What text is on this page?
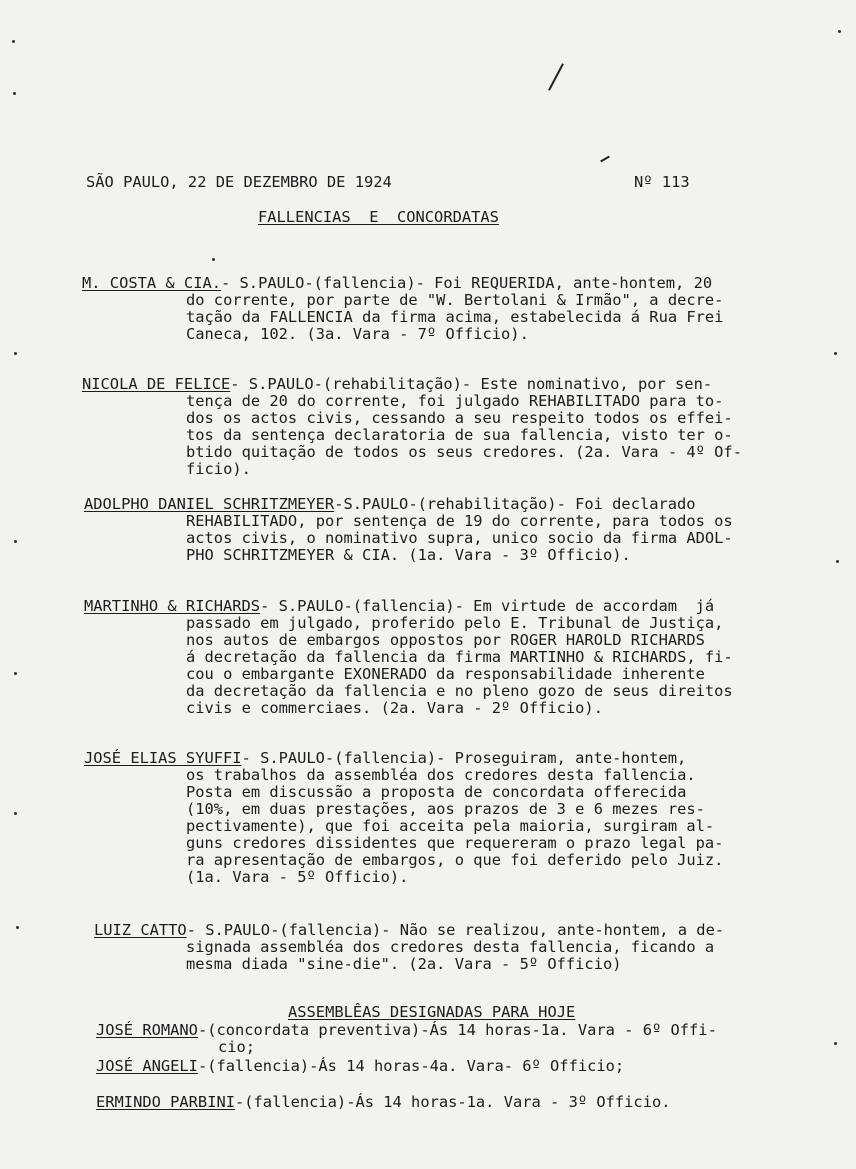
SÃO PAULO, 22 DE DEZEMBRO DE 1924	Nº 113
FALLENCIAS  E  CONCORDATAS
M. COSTA & CIA.- S.PAULO-(fallencia)- Foi REQUERIDA, ante-hontem, 20
do corrente, por parte de "W. Bertolani & Irmão", a decre-
tação da FALLENCIA da firma acima, estabelecida á Rua Frei
Caneca, 102. (3a. Vara - 7º Officio).
NICOLA DE FELICE- S.PAULO-(rehabilitação)- Este nominativo, por sen-
tença de 20 do corrente, foi julgado REHABILITADO para to-
dos os actos civis, cessando a seu respeito todos os effei-
tos da sentença declaratoria de sua fallencia, visto ter o-
btido quitação de todos os seus credores. (2a. Vara - 4º Of-
ficio).
ADOLPHO DANIEL SCHRITZMEYER-S.PAULO-(rehabilitação)- Foi declarado
REHABILITADO, por sentença de 19 do corrente, para todos os
actos civis, o nominativo supra, unico socio da firma ADOL-
PHO SCHRITZMEYER & CIA. (1a. Vara - 3º Officio).
MARTINHO & RICHARDS- S.PAULO-(fallencia)- Em virtude de accordam  já
passado em julgado, proferido pelo E. Tribunal de Justiça,
nos autos de embargos oppostos por ROGER HAROLD RICHARDS
á decretação da fallencia da firma MARTINHO & RICHARDS, fi-
cou o embargante EXONERADO da responsabilidade inherente
da decretação da fallencia e no pleno gozo de seus direitos
civis e commerciaes. (2a. Vara - 2º Officio).
JOSÉ ELIAS SYUFFI- S.PAULO-(fallencia)- Proseguiram, ante-hontem,
os trabalhos da assembléa dos credores desta fallencia.
Posta em discussão a proposta de concordata offerecida
(10%, em duas prestações, aos prazos de 3 e 6 mezes res-
pectivamente), que foi acceita pela maioria, surgiram al-
guns credores dissidentes que requereram o prazo legal pa-
ra apresentação de embargos, o que foi deferido pelo Juiz.
(1a. Vara - 5º Officio).
LUIZ CATTO- S.PAULO-(fallencia)- Não se realizou, ante-hontem, a de-
signada assembléa dos credores desta fallencia, ficando a
mesma diada "sine-die". (2a. Vara - 5º Officio)
ASSEMBLÊAS DESIGNADAS PARA HOJE
JOSÉ ROMANO-(concordata preventiva)-Ás 14 horas-1a. Vara - 6º Offi-
cio;
JOSÉ ANGELI-(fallencia)-Ás 14 horas-4a. Vara- 6º Officio;
ERMINDO PARBINI-(fallencia)-Ás 14 horas-1a. Vara - 3º Officio.
